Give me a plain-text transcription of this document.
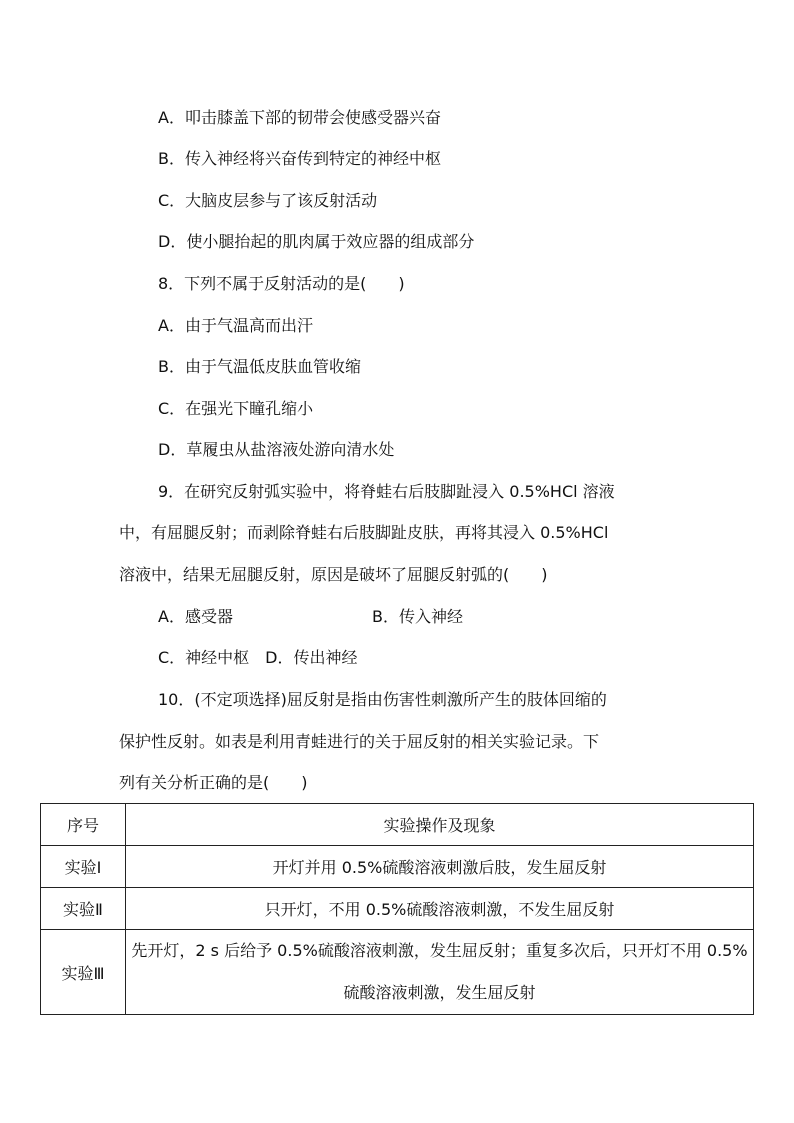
A．叩击膝盖下部的韧带会使感受器兴奋
B．传入神经将兴奋传到特定的神经中枢
C．大脑皮层参与了该反射活动
D．使小腿抬起的肌肉属于效应器的组成部分
8．下列不属于反射活动的是(　　)
A．由于气温高而出汗
B．由于气温低皮肤血管收缩
C．在强光下瞳孔缩小
D．草履虫从盐溶液处游向清水处
9．在研究反射弧实验中，将脊蛙右后肢脚趾浸入 0.5%HCl 溶液
中，有屈腿反射；而剥除脊蛙右后肢脚趾皮肤，再将其浸入 0.5%HCl
溶液中，结果无屈腿反射，原因是破坏了屈腿反射弧的(　　)
A．感受器	B．传入神经
C．神经中枢　D．传出神经
10．(不定项选择)屈反射是指由伤害性刺激所产生的肢体回缩的
保护性反射。如表是利用青蛙进行的关于屈反射的相关实验记录。下
列有关分析正确的是(　　)
序号	实验操作及现象
实验Ⅰ	开灯并用 0.5%硫酸溶液刺激后肢，发生屈反射
实验Ⅱ	只开灯，不用 0.5%硫酸溶液刺激，不发生屈反射
实验Ⅲ	先开灯，2 s 后给予 0.5%硫酸溶液刺激，发生屈反射；重复多次后，只开灯不用 0.5%硫酸溶液刺激，发生屈反射
